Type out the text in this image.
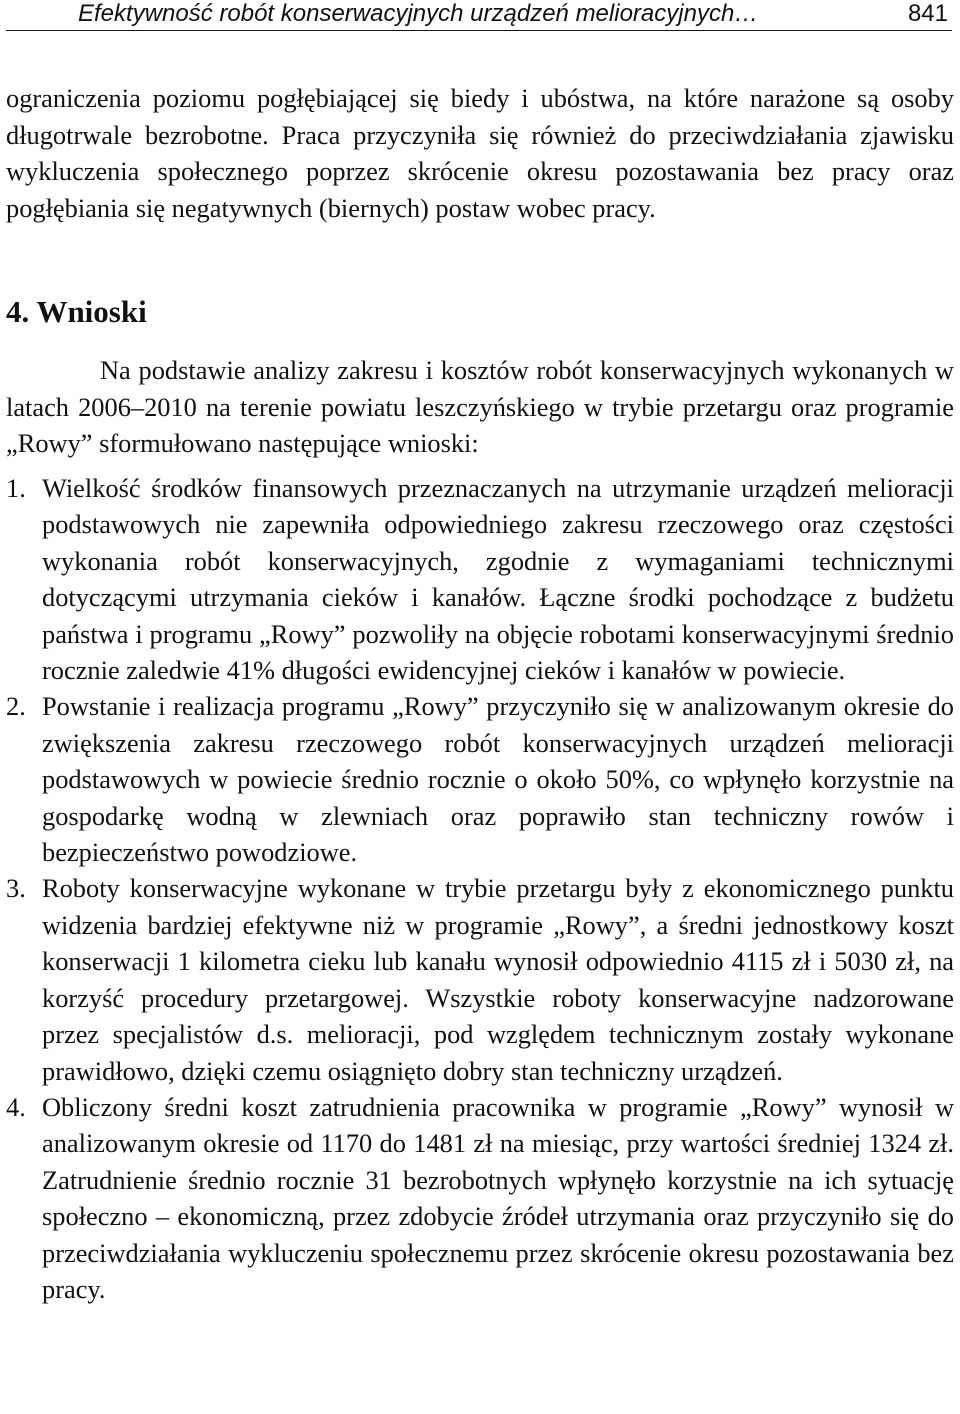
Efektywność robót konserwacyjnych urządzeń melioracyjnych…	841

ograniczenia poziomu pogłębiającej się biedy i ubóstwa, na które narażone są osoby długotrwale bezrobotne. Praca przyczyniła się również do przeciwdziałania zjawisku wykluczenia społecznego poprzez skrócenie okresu pozostawania bez pracy oraz pogłębiania się negatywnych (biernych) postaw wobec pracy.

4. Wnioski

Na podstawie analizy zakresu i kosztów robót konserwacyjnych wykonanych w latach 2006–2010 na terenie powiatu leszczyńskiego w trybie przetargu oraz programie „Rowy” sformułowano następujące wnioski:

1. Wielkość środków finansowych przeznaczanych na utrzymanie urządzeń melioracji podstawowych nie zapewniła odpowiedniego zakresu rzeczowego oraz częstości wykonania robót konserwacyjnych, zgodnie z wymaganiami technicznymi dotyczącymi utrzymania cieków i kanałów. Łączne środki pochodzące z budżetu państwa i programu „Rowy” pozwoliły na objęcie robotami konserwacyjnymi średnio rocznie zaledwie 41% długości ewidencyjnej cieków i kanałów w powiecie.
2. Powstanie i realizacja programu „Rowy” przyczyniło się w analizowanym okresie do zwiększenia zakresu rzeczowego robót konserwacyjnych urządzeń melioracji podstawowych w powiecie średnio rocznie o około 50%, co wpłynęło korzystnie na gospodarkę wodną w zlewniach oraz poprawiło stan techniczny rowów i bezpieczeństwo powodziowe.
3. Roboty konserwacyjne wykonane w trybie przetargu były z ekonomicznego punktu widzenia bardziej efektywne niż w programie „Rowy”, a średni jednostkowy koszt konserwacji 1 kilometra cieku lub kanału wynosił odpowiednio 4115 zł i 5030 zł, na korzyść procedury przetargowej. Wszystkie roboty konserwacyjne nadzorowane przez specjalistów d.s. melioracji, pod względem technicznym zostały wykonane prawidłowo, dzięki czemu osiągnięto dobry stan techniczny urządzeń.
4. Obliczony średni koszt zatrudnienia pracownika w programie „Rowy” wynosił w analizowanym okresie od 1170 do 1481 zł na miesiąc, przy wartości średniej 1324 zł. Zatrudnienie średnio rocznie 31 bezrobotnych wpłynęło korzystnie na ich sytuację społeczno – ekonomiczną, przez zdobycie źródeł utrzymania oraz przyczyniło się do przeciwdziałania wykluczeniu społecznemu przez skrócenie okresu pozostawania bez pracy.
